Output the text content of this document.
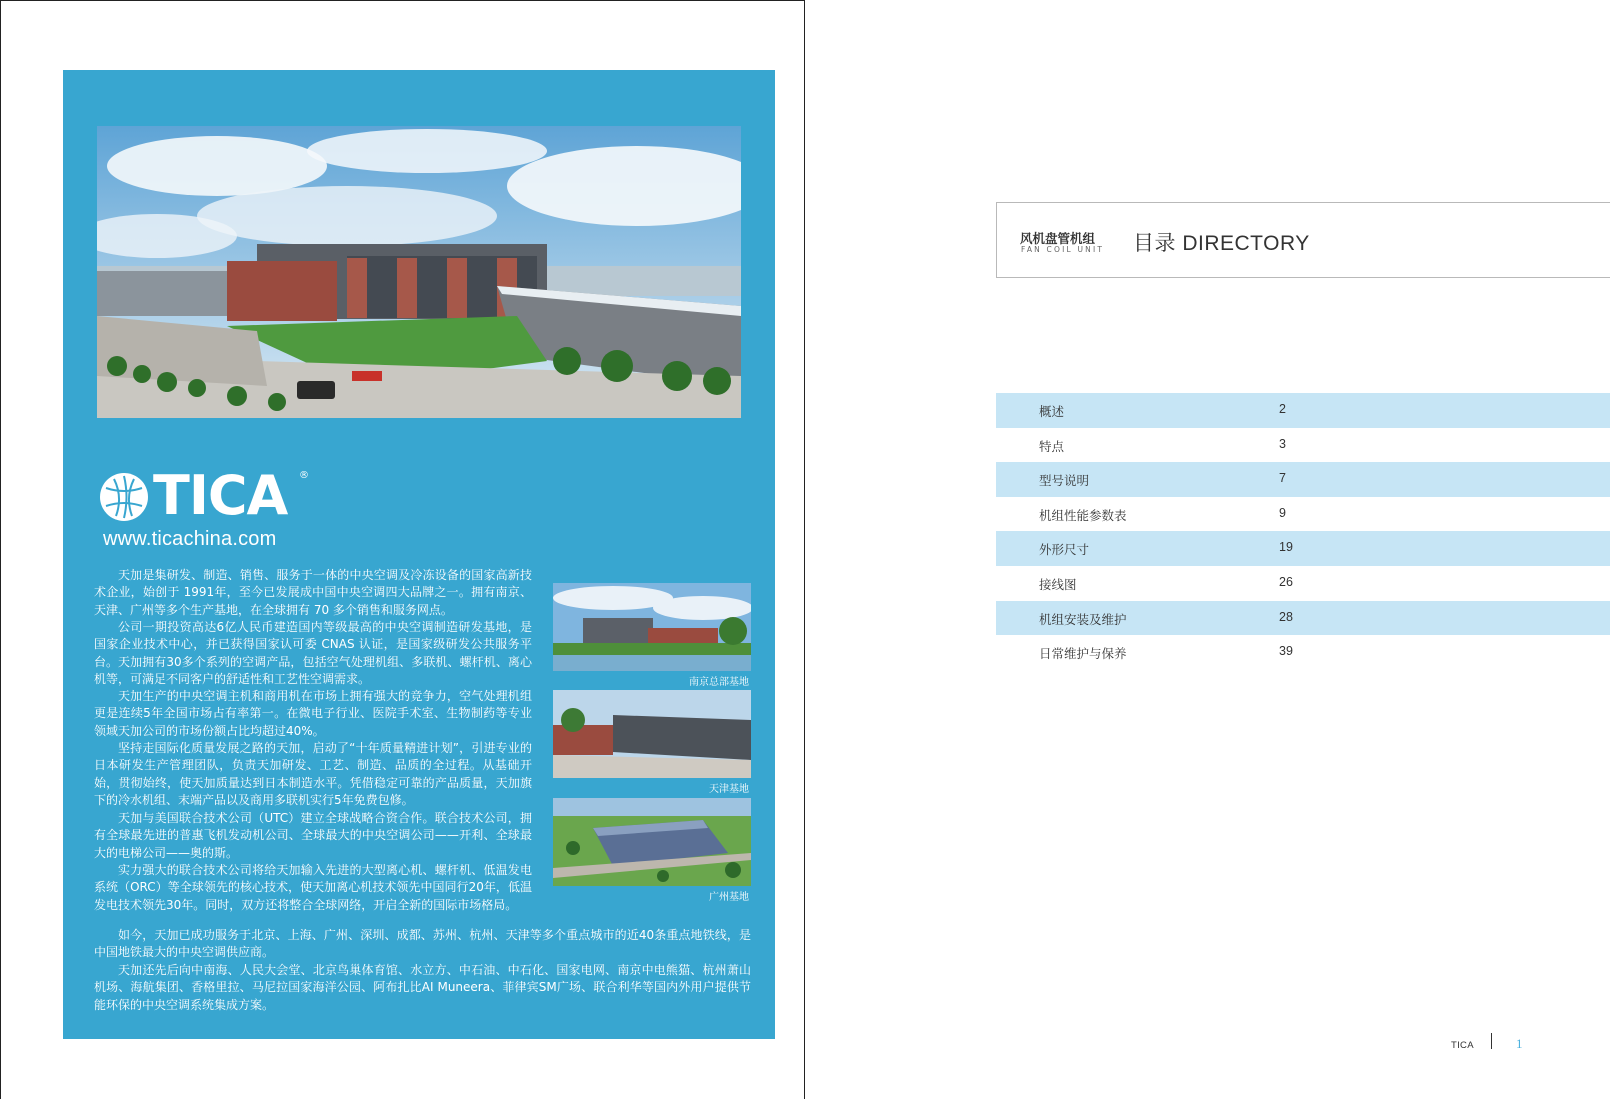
TICA ®
www.ticachina.com

天加是集研发、制造、销售、服务于一体的中央空调及冷冻设备的国家高新技术企业，始创于 1991年，至今已发展成中国中央空调四大品牌之一。拥有南京、天津、广州等多个生产基地，在全球拥有 70 多个销售和服务网点。

公司一期投资高达6亿人民币建造国内等级最高的中央空调制造研发基地，是国家企业技术中心，并已获得国家认可委 CNAS 认证，是国家级研发公共服务平台。 天加拥有30多个系列的空调产品，包括空气处理机组、多联机、螺杆机、离心机等，可满足不同客户的舒适性和工艺性空调需求。

天加生产的中央空调主机和商用机在市场上拥有强大的竞争力，空气处理机组更是连续5年全国市场占有率第一。在微电子行业、医院手术室、生物制药等专业领域天加公司的市场份额占比均超过40%。

坚持走国际化质量发展之路的天加，启动了“十年质量精进计划”，引进专业的日本研发生产管理团队，负责天加研发、工艺、制造、品质的全过程。从基础开始，贯彻始终，使天加质量达到日本制造水平。凭借稳定可靠的产品质量，天加旗下的冷水机组、末端产品以及商用多联机实行5年免费包修。

天加与美国联合技术公司（UTC）建立全球战略合资合作。联合技术公司，拥有全球最先进的普惠飞机发动机公司、全球最大的中央空调公司——开利、全球最大的电梯公司——奥的斯。

实力强大的联合技术公司将给天加输入先进的大型离心机、螺杆机、低温发电系统（ORC）等全球领先的核心技术，使天加离心机技术领先中国同行20年，低温发电技术领先30年。同时，双方还将整合全球网络，开启全新的国际市场格局。

如今，天加已成功服务于北京、上海、广州、深圳、成都、苏州、杭州、天津等多个重点城市的近40条重点地铁线，是中国地铁最大的中央空调供应商。

天加还先后向中南海、人民大会堂、北京鸟巢体育馆、水立方、中石油、中石化、国家电网、南京中电熊猫、杭州萧山机场、海航集团、香格里拉、马尼拉国家海洋公园、阿布扎比AI Muneera、菲律宾SM广场、联合利华等国内外用户提供节能环保的中央空调系统集成方案。

南京总部基地
天津基地
广州基地
风机盘管机组
FAN COIL UNIT 目录 DIRECTORY
概述	2
特点	3
型号说明	7
机组性能参数表	9
外形尺寸	19
接线图	26
机组安装及维护	28
日常维护与保养	39
TICA	1
